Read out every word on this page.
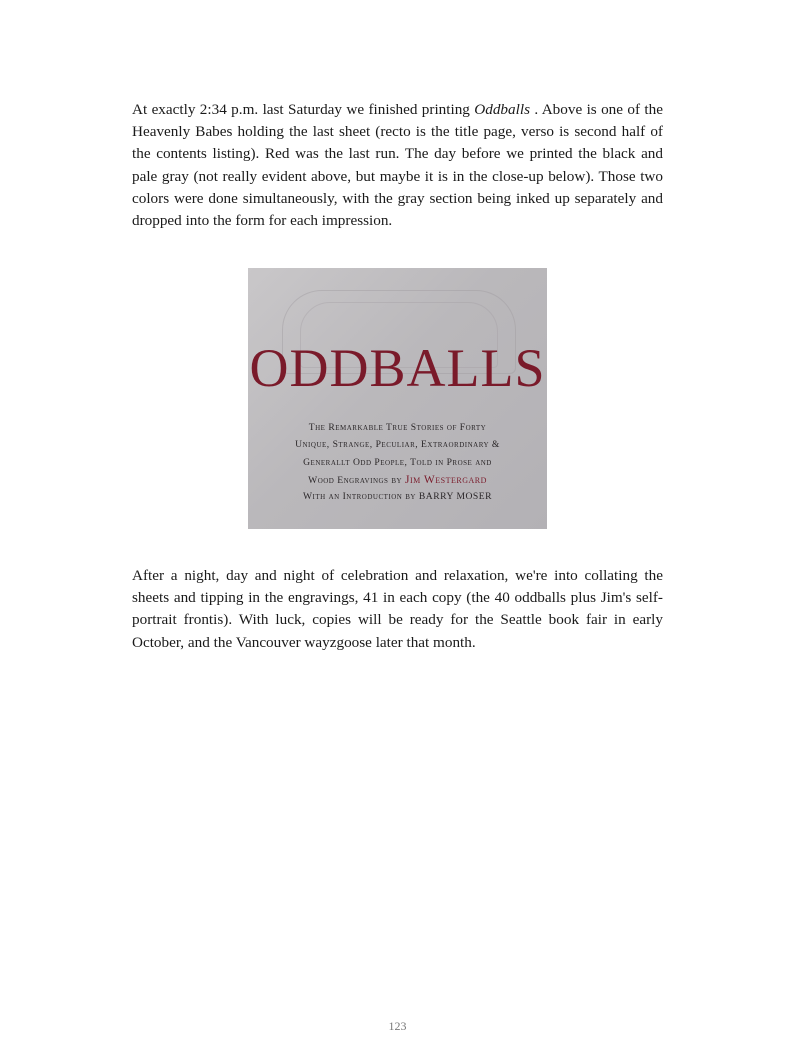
At exactly 2:34 p.m. last Saturday we finished printing Oddballs . Above is one of the Heavenly Babes holding the last sheet (recto is the title page, verso is second half of the contents listing). Red was the last run. The day before we printed the black and pale gray (not really evident above, but maybe it is in the close-up below). Those two colors were done simultaneously, with the gray section being inked up separately and dropped into the form for each impression.

ODDBALLS
The Remarkable True Stories of Forty
Unique, Strange, Peculiar, Extraordinary &
Generallt Odd People, Told in Prose and
Wood Engravings by Jim Westergard
With an Introduction by BARRY MOSER

After a night, day and night of celebration and relaxation, we're into collating the sheets and tipping in the engravings, 41 in each copy (the 40 oddballs plus Jim's self-portrait frontis). With luck, copies will be ready for the Seattle book fair in early October, and the Vancouver wayzgoose later that month.

123
